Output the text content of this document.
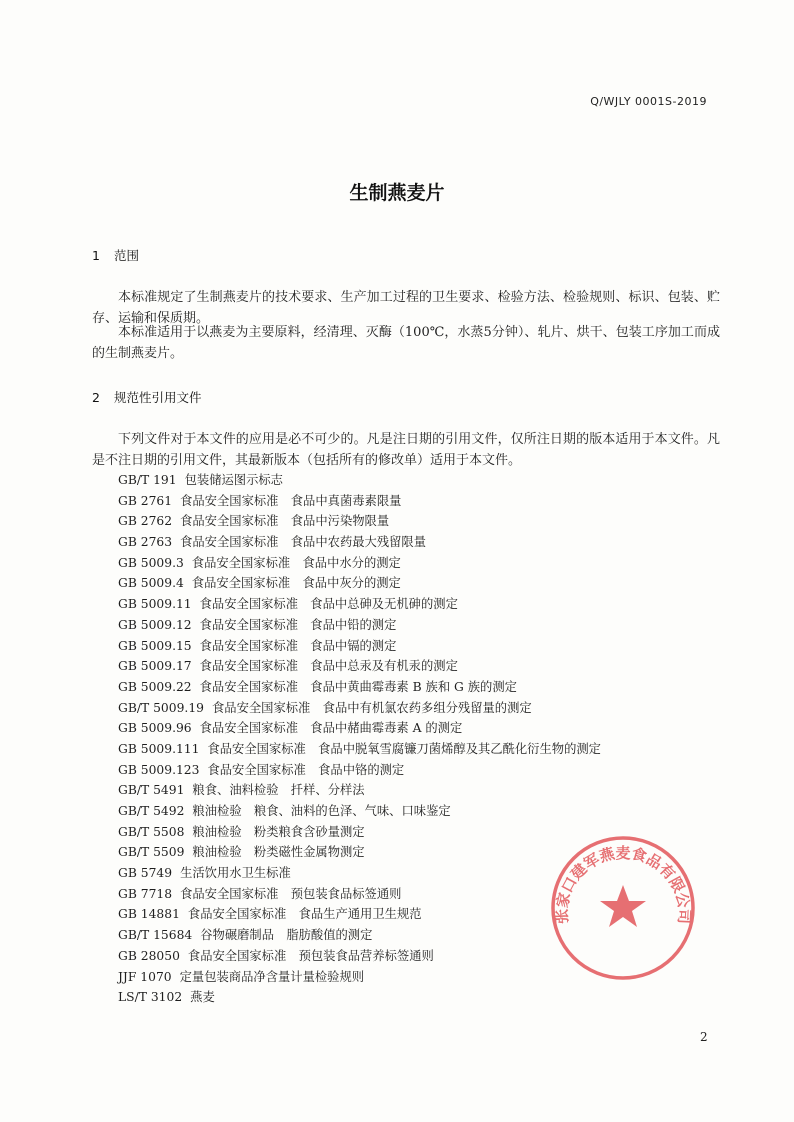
Q/WJLY 0001S-2019
生制燕麦片
1 范围

本标准规定了生制燕麦片的技术要求、生产加工过程的卫生要求、检验方法、检验规则、标识、包装、贮存、运输和保质期。

本标准适用于以燕麦为主要原料，经清理、灭酶（100℃，水蒸5分钟）、轧片、烘干、包装工序加工而成的生制燕麦片。

2 规范性引用文件

下列文件对于本文件的应用是必不可少的。凡是注日期的引用文件，仅所注日期的版本适用于本文件。凡是不注日期的引用文件，其最新版本（包括所有的修改单）适用于本文件。

GB/T 191 包装储运图示标志
GB 2761 食品安全国家标准　食品中真菌毒素限量
GB 2762 食品安全国家标准　食品中污染物限量
GB 2763 食品安全国家标准　食品中农药最大残留限量
GB 5009.3 食品安全国家标准　食品中水分的测定
GB 5009.4 食品安全国家标准　食品中灰分的测定
GB 5009.11 食品安全国家标准　食品中总砷及无机砷的测定
GB 5009.12 食品安全国家标准　食品中铅的测定
GB 5009.15 食品安全国家标准　食品中镉的测定
GB 5009.17 食品安全国家标准　食品中总汞及有机汞的测定
GB 5009.22 食品安全国家标准　食品中黄曲霉毒素 B 族和 G 族的测定
GB/T 5009.19 食品安全国家标准　食品中有机氯农药多组分残留量的测定
GB 5009.96 食品安全国家标准　食品中赭曲霉毒素 A 的测定
GB 5009.111 食品安全国家标准　食品中脱氧雪腐镰刀菌烯醇及其乙酰化衍生物的测定
GB 5009.123 食品安全国家标准　食品中铬的测定
GB/T 5491 粮食、油料检验　扦样、分样法
GB/T 5492 粮油检验　粮食、油料的色泽、气味、口味鉴定
GB/T 5508 粮油检验　粉类粮食含砂量测定
GB/T 5509 粮油检验　粉类磁性金属物测定
GB 5749 生活饮用水卫生标准
GB 7718 食品安全国家标准　预包装食品标签通则
GB 14881 食品安全国家标准　食品生产通用卫生规范
GB/T 15684 谷物碾磨制品　脂肪酸值的测定
GB 28050 食品安全国家标准　预包装食品营养标签通则
JJF 1070 定量包装商品净含量计量检验规则
LS/T 3102 燕麦
张家口建军燕麦食品有限公司
2
